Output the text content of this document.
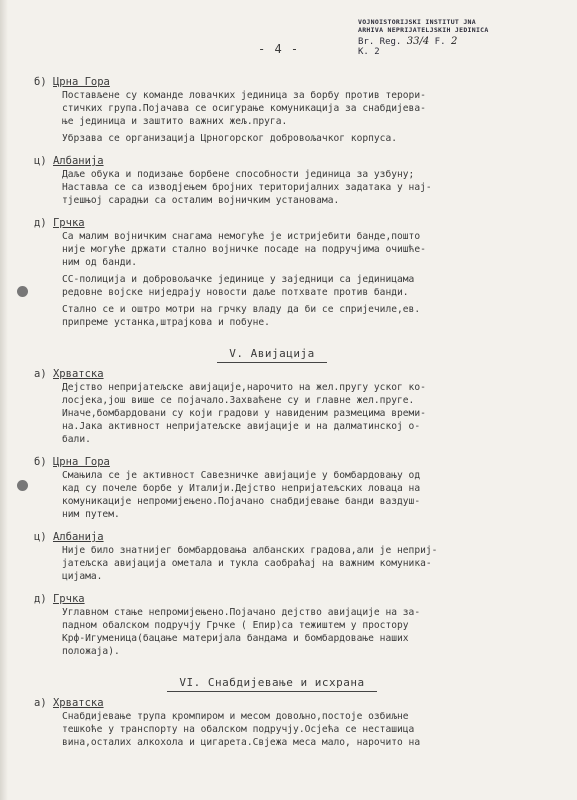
- 4 -
VOJNOISTORIJSKI INSTITUT JNA
ARHIVA NEPRIJATELJSKIH JEDINICA
Br. Reg. 33/4 F. 2
K. 2
б) Црна Гора
Постављене су команде ловачких јединица за борбу против терори-
стичких група.Појачава се осигурање комуникација за снабдијева-
ње јединица и заштито важних жељ.пруга.
Убрзава се организација Црногорског добровољачког корпуса.
ц) Албанија
Даље обука и подизање борбене способности јединица за узбуну;
Наставља се са изводјењем бројних територијалних задатака у нај-
тјешњој сарадњи са осталим војничким установама.
д) Грчка
Са малим војничким снагама немогуће је истријебити банде,пошто
није могуће држати стално војничке посаде на подручјима очишће-
ним од банди.
СС-полиција и добровољачке јединице у заједници са јединицама
редовне војске ниједрају новости даље потхвате против банди.
Стално се и оштро мотри на грчку владу да би се спријечиле,ев.
припреме устанка,штрајкова и побуне.
V. Авијација
а) Хрватска
Дејство непријатељске авијације,нарочито на жел.пругу уског ко-
лосјека,још више се појачало.Захваћене су и главне жел.пруге.
Иначе,бомбардовани су који градови у навиденим размецима времи-
на.Јака активност непријатељске авијације и на далматинској о-
бали.
б) Црна Гора
Смањила се је активност Савезничке авијације у бомбардовању од
кад су почеле борбе у Италији.Дејство непријатељских ловаца на
комуникације непромијењено.Појачано снабдијевање банди ваздуш-
ним путем.
ц) Албанија
Није било знатнијег бомбардовања албанских градова,али је неприј-
јатељска авијација ометала и тукла саобраћај на важним комуника-
цијама.
д) Грчка
Углавном стање непромијењено.Појачано дејство авијације на за-
падном обалском подручју Грчке ( Епир)са тежиштем у простору
Крф-Игуменица(бацање материјала бандама и бомбардовање наших
положаја).
VI. Снабдијевање и исхрана
а) Хрватска
Снабдијевање трупа кромпиром и месом довољно,постоје озбиљне
тешкоће у транспорту на обалском подручју.Осјећа се несташица
вина,осталих алкохола и цигарета.Свјежа меса мало, нарочито на
